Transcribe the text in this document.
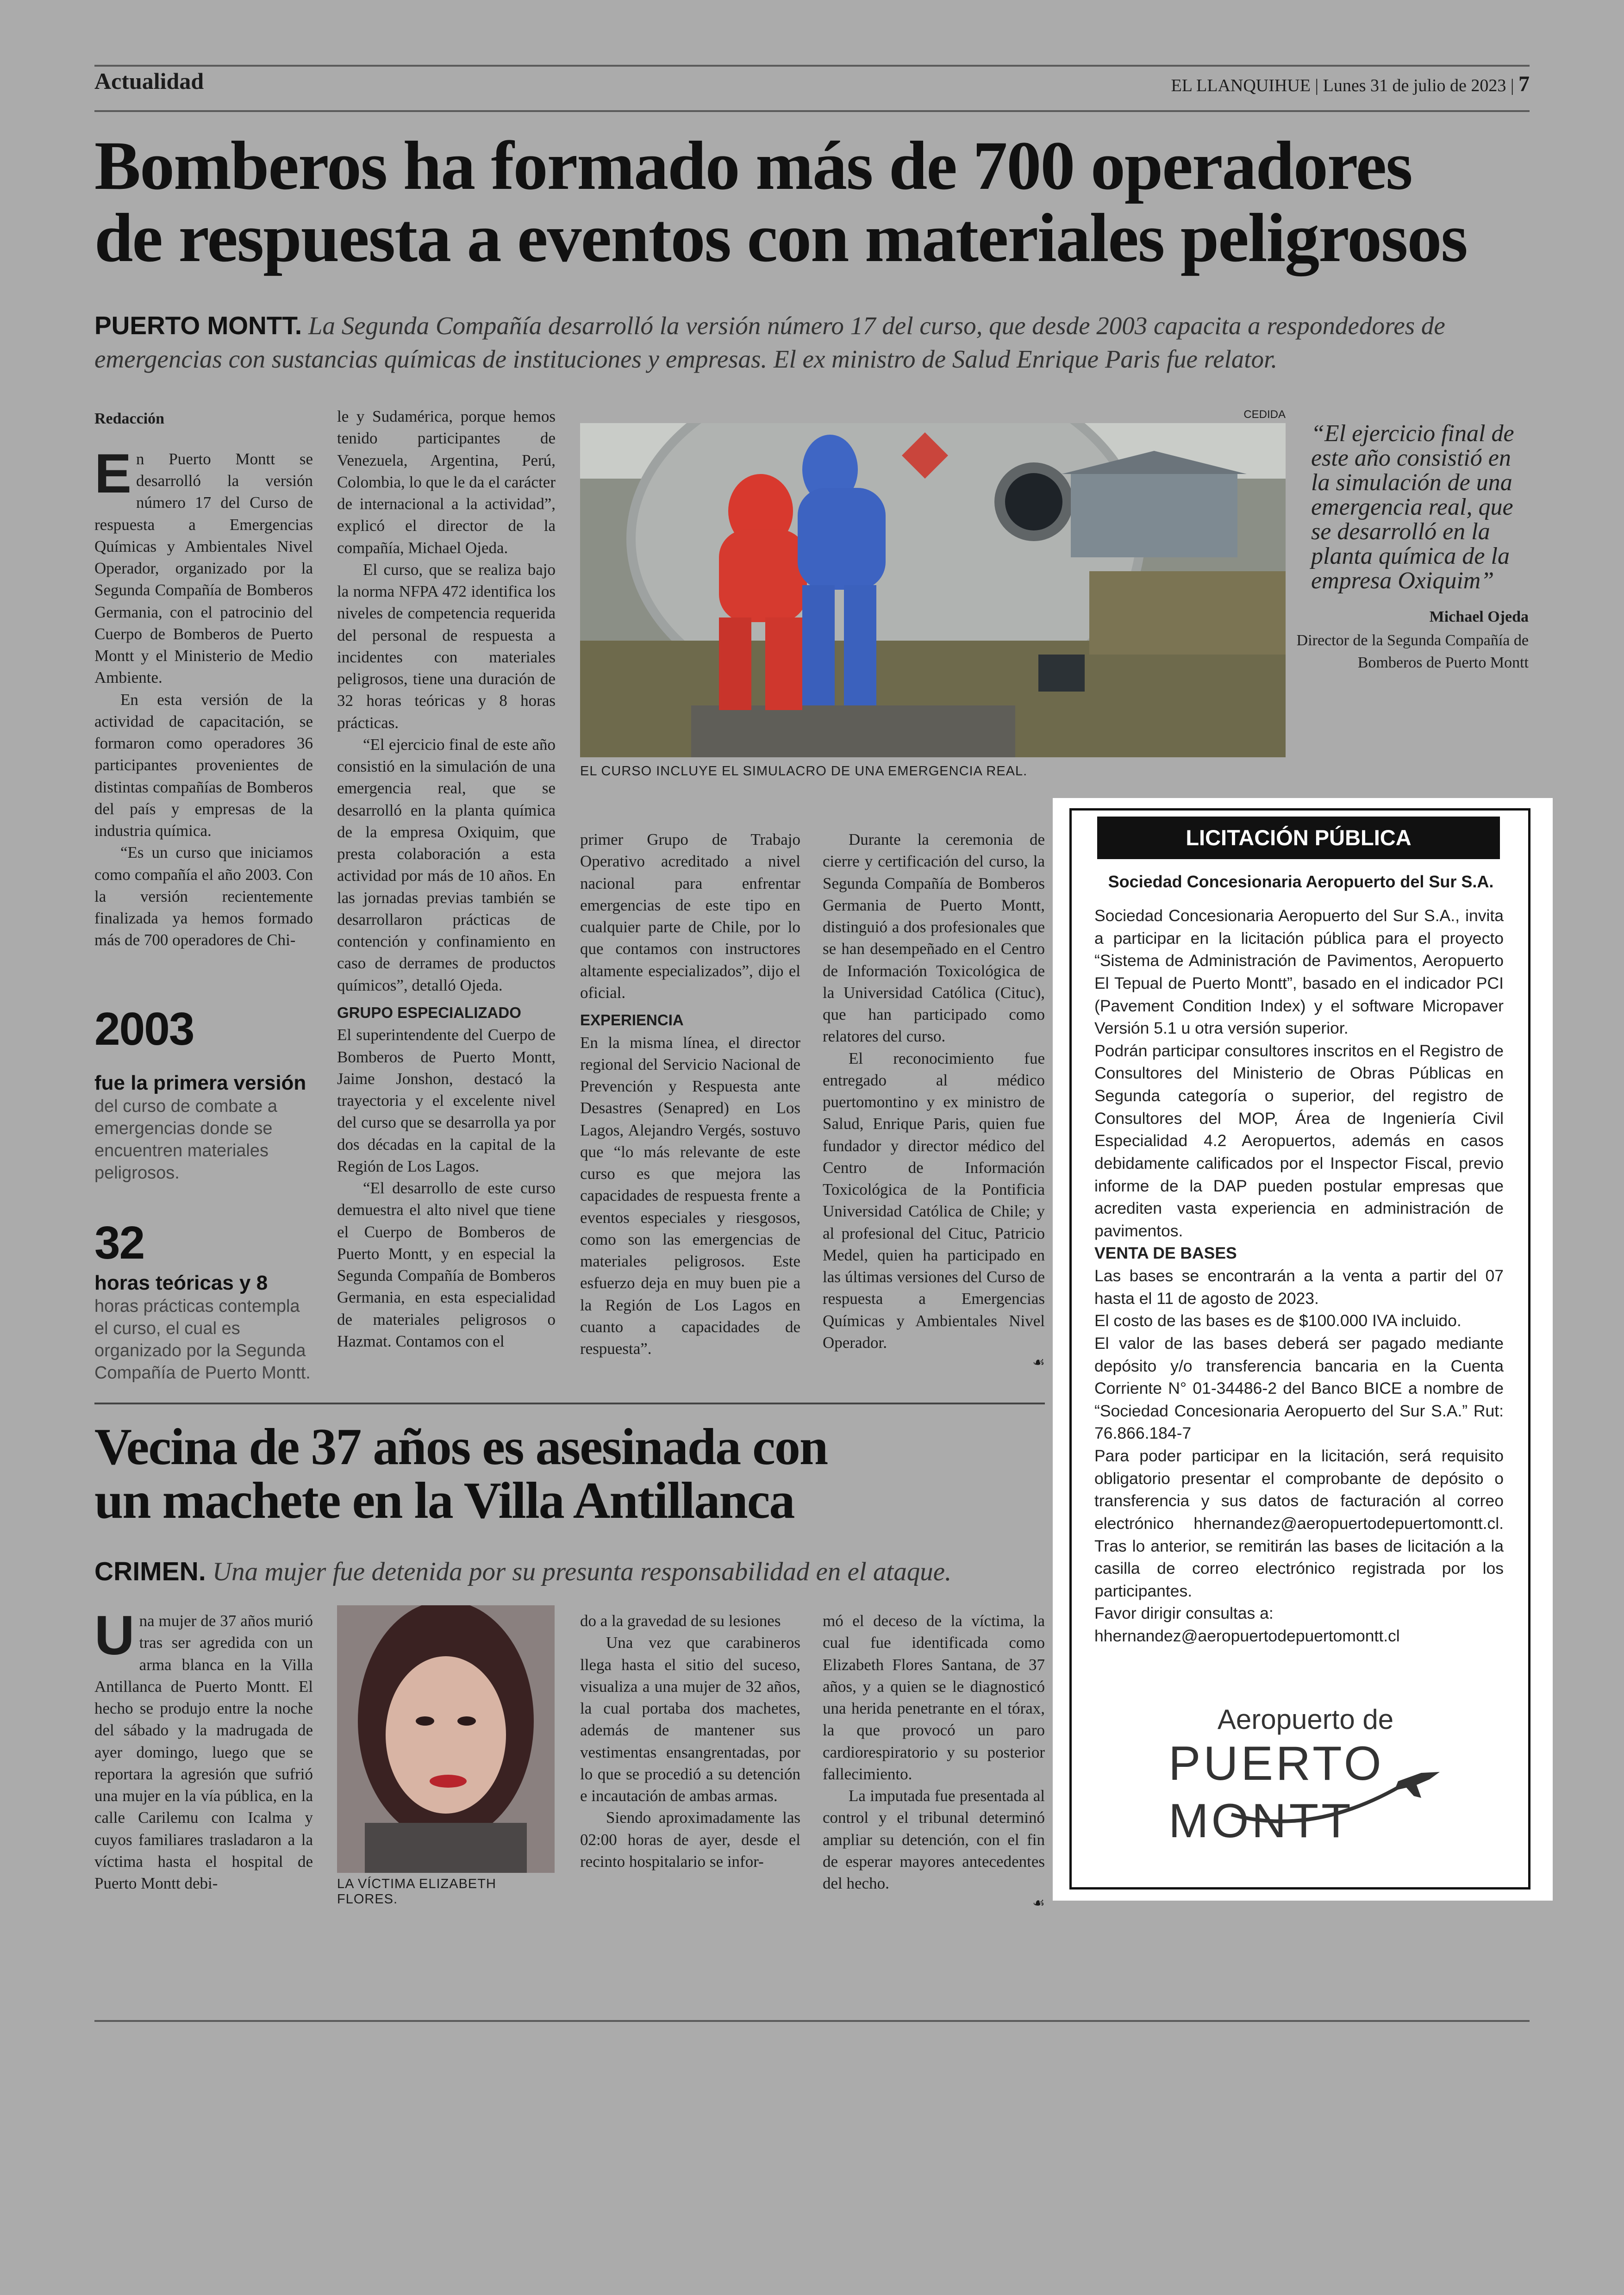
Actualidad	EL LLANQUIHUE | Lunes 31 de julio de 2023 | 7
Bomberos ha formado más de 700 operadores
de respuesta a eventos con materiales peligrosos
PUERTO MONTT. La Segunda Compañía desarrolló la versión número 17 del curso, que desde 2003 capacita a respondedores de emergencias con sustancias químicas de instituciones y empresas. El ex ministro de Salud Enrique Paris fue relator.
Redacción

En Puerto Montt se desarrolló la versión número 17 del Curso de respuesta a Emergencias Químicas y Ambientales Nivel Operador, organizado por la Segunda Compañía de Bomberos Germania, con el patrocinio del Cuerpo de Bomberos de Puerto Montt y el Ministerio de Medio Ambiente.

En esta versión de la actividad de capacitación, se formaron como operadores 36 participantes provenientes de distintas compañías de Bomberos del país y empresas de la industria química.

“Es un curso que iniciamos como compañía el año 2003. Con la versión recientemente finalizada ya hemos formado más de 700 operadores de Chi-

2003
fue la primera versión del curso de combate a emergencias donde se encuentren materiales peligrosos.
32
horas teóricas y 8 horas prácticas contempla el curso, el cual es organizado por la Segunda Compañía de Puerto Montt.

le y Sudamérica, porque hemos tenido participantes de Venezuela, Argentina, Perú, Colombia, lo que le da el carácter de internacional a la actividad”, explicó el director de la compañía, Michael Ojeda.

El curso, que se realiza bajo la norma NFPA 472 identifica los niveles de competencia requerida del personal de respuesta a incidentes con materiales peligrosos, tiene una duración de 32 horas teóricas y 8 horas prácticas.

“El ejercicio final de este año consistió en la simulación de una emergencia real, que se desarrolló en la planta química de la empresa Oxiquim, que presta colaboración a esta actividad por más de 10 años. En las jornadas previas también se desarrollaron prácticas de contención y confinamiento en caso de derrames de productos químicos”, detalló Ojeda.

GRUPO ESPECIALIZADO

El superintendente del Cuerpo de Bomberos de Puerto Montt, Jaime Jonshon, destacó la trayectoria y el excelente nivel del curso que se desarrolla ya por dos décadas en la capital de la Región de Los Lagos.

“El desarrollo de este curso demuestra el alto nivel que tiene el Cuerpo de Bomberos de Puerto Montt, y en especial la Segunda Compañía de Bomberos Germania, en esta especialidad de materiales peligrosos o Hazmat. Contamos con el

CEDIDA
EL CURSO INCLUYE EL SIMULACRO DE UNA EMERGENCIA REAL.
“El ejercicio final de este año consistió en la simulación de una emergencia real, que se desarrolló en la planta química de la empresa Oxiquim”
Michael Ojeda
Director de la Segunda Compañía de Bomberos de Puerto Montt

primer Grupo de Trabajo Operativo acreditado a nivel nacional para enfrentar emergencias de este tipo en cualquier parte de Chile, por lo que contamos con instructores altamente especializados”, dijo el oficial.

EXPERIENCIA

En la misma línea, el director regional del Servicio Nacional de Prevención y Respuesta ante Desastres (Senapred) en Los Lagos, Alejandro Vergés, sostuvo que “lo más relevante de este curso es que mejora las capacidades de respuesta frente a eventos especiales y riesgosos, como son las emergencias de materiales peligrosos. Este esfuerzo deja en muy buen pie a la Región de Los Lagos en cuanto a capacidades de respuesta”.

Durante la ceremonia de cierre y certificación del curso, la Segunda Compañía de Bomberos Germania de Puerto Montt, distinguió a dos profesionales que se han desempeñado en el Centro de Información Toxicológica de la Universidad Católica (Cituc), que han participado como relatores del curso.

El reconocimiento fue entregado al médico puertomontino y ex ministro de Salud, Enrique Paris, quien fue fundador y director médico del Centro de Información Toxicológica de la Pontificia Universidad Católica de Chile; y al profesional del Cituc, Patricio Medel, quien ha participado en las últimas versiones del Curso de respuesta a Emergencias Químicas y Ambientales Nivel Operador.

☙
Vecina de 37 años es asesinada con
un machete en la Villa Antillanca
CRIMEN. Una mujer fue detenida por su presunta responsabilidad en el ataque.

Una mujer de 37 años murió tras ser agredida con un arma blanca en la Villa Antillanca de Puerto Montt. El hecho se produjo entre la noche del sábado y la madrugada de ayer domingo, luego que se reportara la agresión que sufrió una mujer en la vía pública, en la calle Carilemu con Icalma y cuyos familiares trasladaron a la víctima hasta el hospital de Puerto Montt debi-	LA VÍCTIMA ELIZABETH FLORES.

do a la gravedad de su lesiones

Una vez que carabineros llega hasta el sitio del suceso, visualiza a una mujer de 32 años, la cual portaba dos machetes, además de mantener sus vestimentas ensangrentadas, por lo que se procedió a su detención e incautación de ambas armas.

Siendo aproximadamente las 02:00 horas de ayer, desde el recinto hospitalario se infor-

mó el deceso de la víctima, la cual fue identificada como Elizabeth Flores Santana, de 37 años, y a quien se le diagnosticó una herida penetrante en el tórax, la que provocó un paro cardiorespiratorio y su posterior fallecimiento.

La imputada fue presentada al control y el tribunal determinó ampliar su detención, con el fin de esperar mayores antecedentes del hecho.

☙
LICITACIÓN PÚBLICA
Sociedad Concesionaria Aeropuerto del Sur S.A.

Sociedad Concesionaria Aeropuerto del Sur S.A., invita a participar en la licitación pública para el proyecto “Sistema de Administración de Pavimentos, Aeropuerto El Tepual de Puerto Montt”, basado en el indicador PCI (Pavement Condition Index) y el software Micropaver Versión 5.1 u otra versión superior.

Podrán participar consultores inscritos en el Registro de Consultores del Ministerio de Obras Públicas en Segunda categoría o superior, del registro de Consultores del MOP, Área de Ingeniería Civil Especialidad 4.2 Aeropuertos, además en casos debidamente calificados por el Inspector Fiscal, previo informe de la DAP pueden postular empresas que acrediten vasta experiencia en administración de pavimentos.

VENTA DE BASES

Las bases se encontrarán a la venta a partir del 07 hasta el 11 de agosto de 2023.

El costo de las bases es de $100.000 IVA incluido.

El valor de las bases deberá ser pagado mediante depósito y/o transferencia bancaria en la Cuenta Corriente N° 01-34486-2 del Banco BICE a nombre de “Sociedad Concesionaria Aeropuerto del Sur S.A.” Rut: 76.866.184-7

Para poder participar en la licitación, será requisito obligatorio presentar el comprobante de depósito o transferencia y sus datos de facturación al correo electrónico hhernandez@aeropuertodepuertomontt.cl. Tras lo anterior, se remitirán las bases de licitación a la casilla de correo electrónico registrada por los participantes.

Favor dirigir consultas a:

hhernandez@aeropuertodepuertomontt.cl

Aeropuerto de
PUERTO
MONTT
